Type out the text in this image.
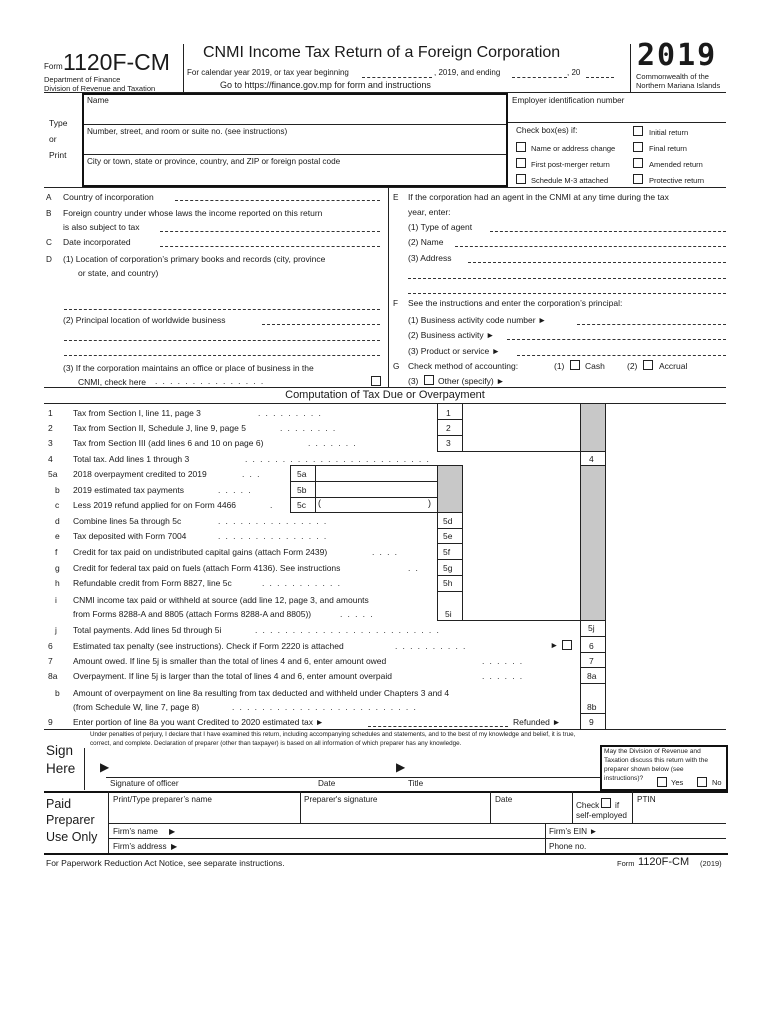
Form 1120F-CM
Department of Finance
Division of Revenue and Taxation
CNMI Income Tax Return of a Foreign Corporation
For calendar year 2019, or tax year beginning	, 2019, and ending	, 20
Go to https://finance.gov.mp for form and instructions
2019
Commonwealth of the
Northern Mariana Islands
Type
or
Print
Name
Number, street, and room or suite no. (see instructions)
City or town, state or province, country, and ZIP or foreign postal code
Employer identification number
Check box(es) if:	Initial return
Final return
Name or address change
First post-merger return	Amended return
Schedule M-3 attached	Protective return
A Country of incorporation
B Foreign country under whose laws the income reported on this return
is also subject to tax
C Date incorporated
D (1) Location of corporation’s primary books and records (city, province
or state, and country)
(2) Principal location of worldwide business
(3) If the corporation maintains an office or place of business in the
CNMI, check here ...............
E If the corporation had an agent in the CNMI at any time during the tax
year, enter:
(1) Type of agent
(2) Name
(3) Address
F See the instructions and enter the corporation’s principal:
(1) Business activity code number ►
(2) Business activity ►
(3) Product or service ►
G Check method of accounting:	(1) Cash	(2)	Accrual
(3) Other (specify) ►
Computation of Tax Due or Overpayment
1 Tax from Section I, line 11, page 3	.........	1
2 Tax from Section II, Schedule J, line 9, page 5	........	2
3 Tax from Section III (add lines 6 and 10 on page 6)	.......	3
4 Total tax. Add lines 1 through 3	.........................	4
5a 2018 overpayment credited to 2019	...	5a
b 2019 estimated tax payments	.....	5b
c Less 2019 refund applied for on Form 4466	.	5c (	)
d Combine lines 5a through 5c	...............	5d
e Tax deposited with Form 7004	...............	5e
f Credit for tax paid on undistributed capital gains (attach Form 2439)	....	5f
g Credit for federal tax paid on fuels (attach Form 4136). See instructions	.. 5g
h Refundable credit from Form 8827, line 5c	...........	5h
i CNMI income tax paid or withheld at source (add line 12, page 3, and amounts
from Forms 8288-A and 8805 (attach Forms 8288-A and 8805))	.....	5i
j Total payments. Add lines 5d through 5i	.........................	5j
6 Estimated tax penalty (see instructions). Check if Form 2220 is attached	..........	►	6
7 Amount owed. If line 5j is smaller than the total of lines 4 and 6, enter amount owed	......	7
8a Overpayment. If line 5j is larger than the total of lines 4 and 6, enter amount overpaid	......	8a
b Amount of overpayment on line 8a resulting from tax deducted and withheld under Chapters 3 and 4
(from Schedule W, line 7, page 8)	.........................	8b
9 Enter portion of line 8a you want Credited to 2020 estimated tax ►	Refunded ►	9
Under penalties of perjury, I declare that I have examined this return, including accompanying schedules and statements, and to the best of my knowledge and belief, it is true,
correct, and complete. Declaration of preparer (other than taxpayer) is based on all information of which preparer has any knowledge.
Sign
Here ▶	▶
Signature of officer	Date	Title
May the Division of Revenue and
Taxation discuss this return with the
preparer shown below (see
instructions)?	Yes	No
Paid
Preparer
Use Only
Print/Type preparer’s name	Preparer's signature	Date
Check if
self-employed
PTIN
Firm’s name ▶	Firm’s EIN ►
Firm’s address ▶	Phone no.
For Paperwork Reduction Act Notice, see separate instructions.	Form 1120F-CM (2019)
